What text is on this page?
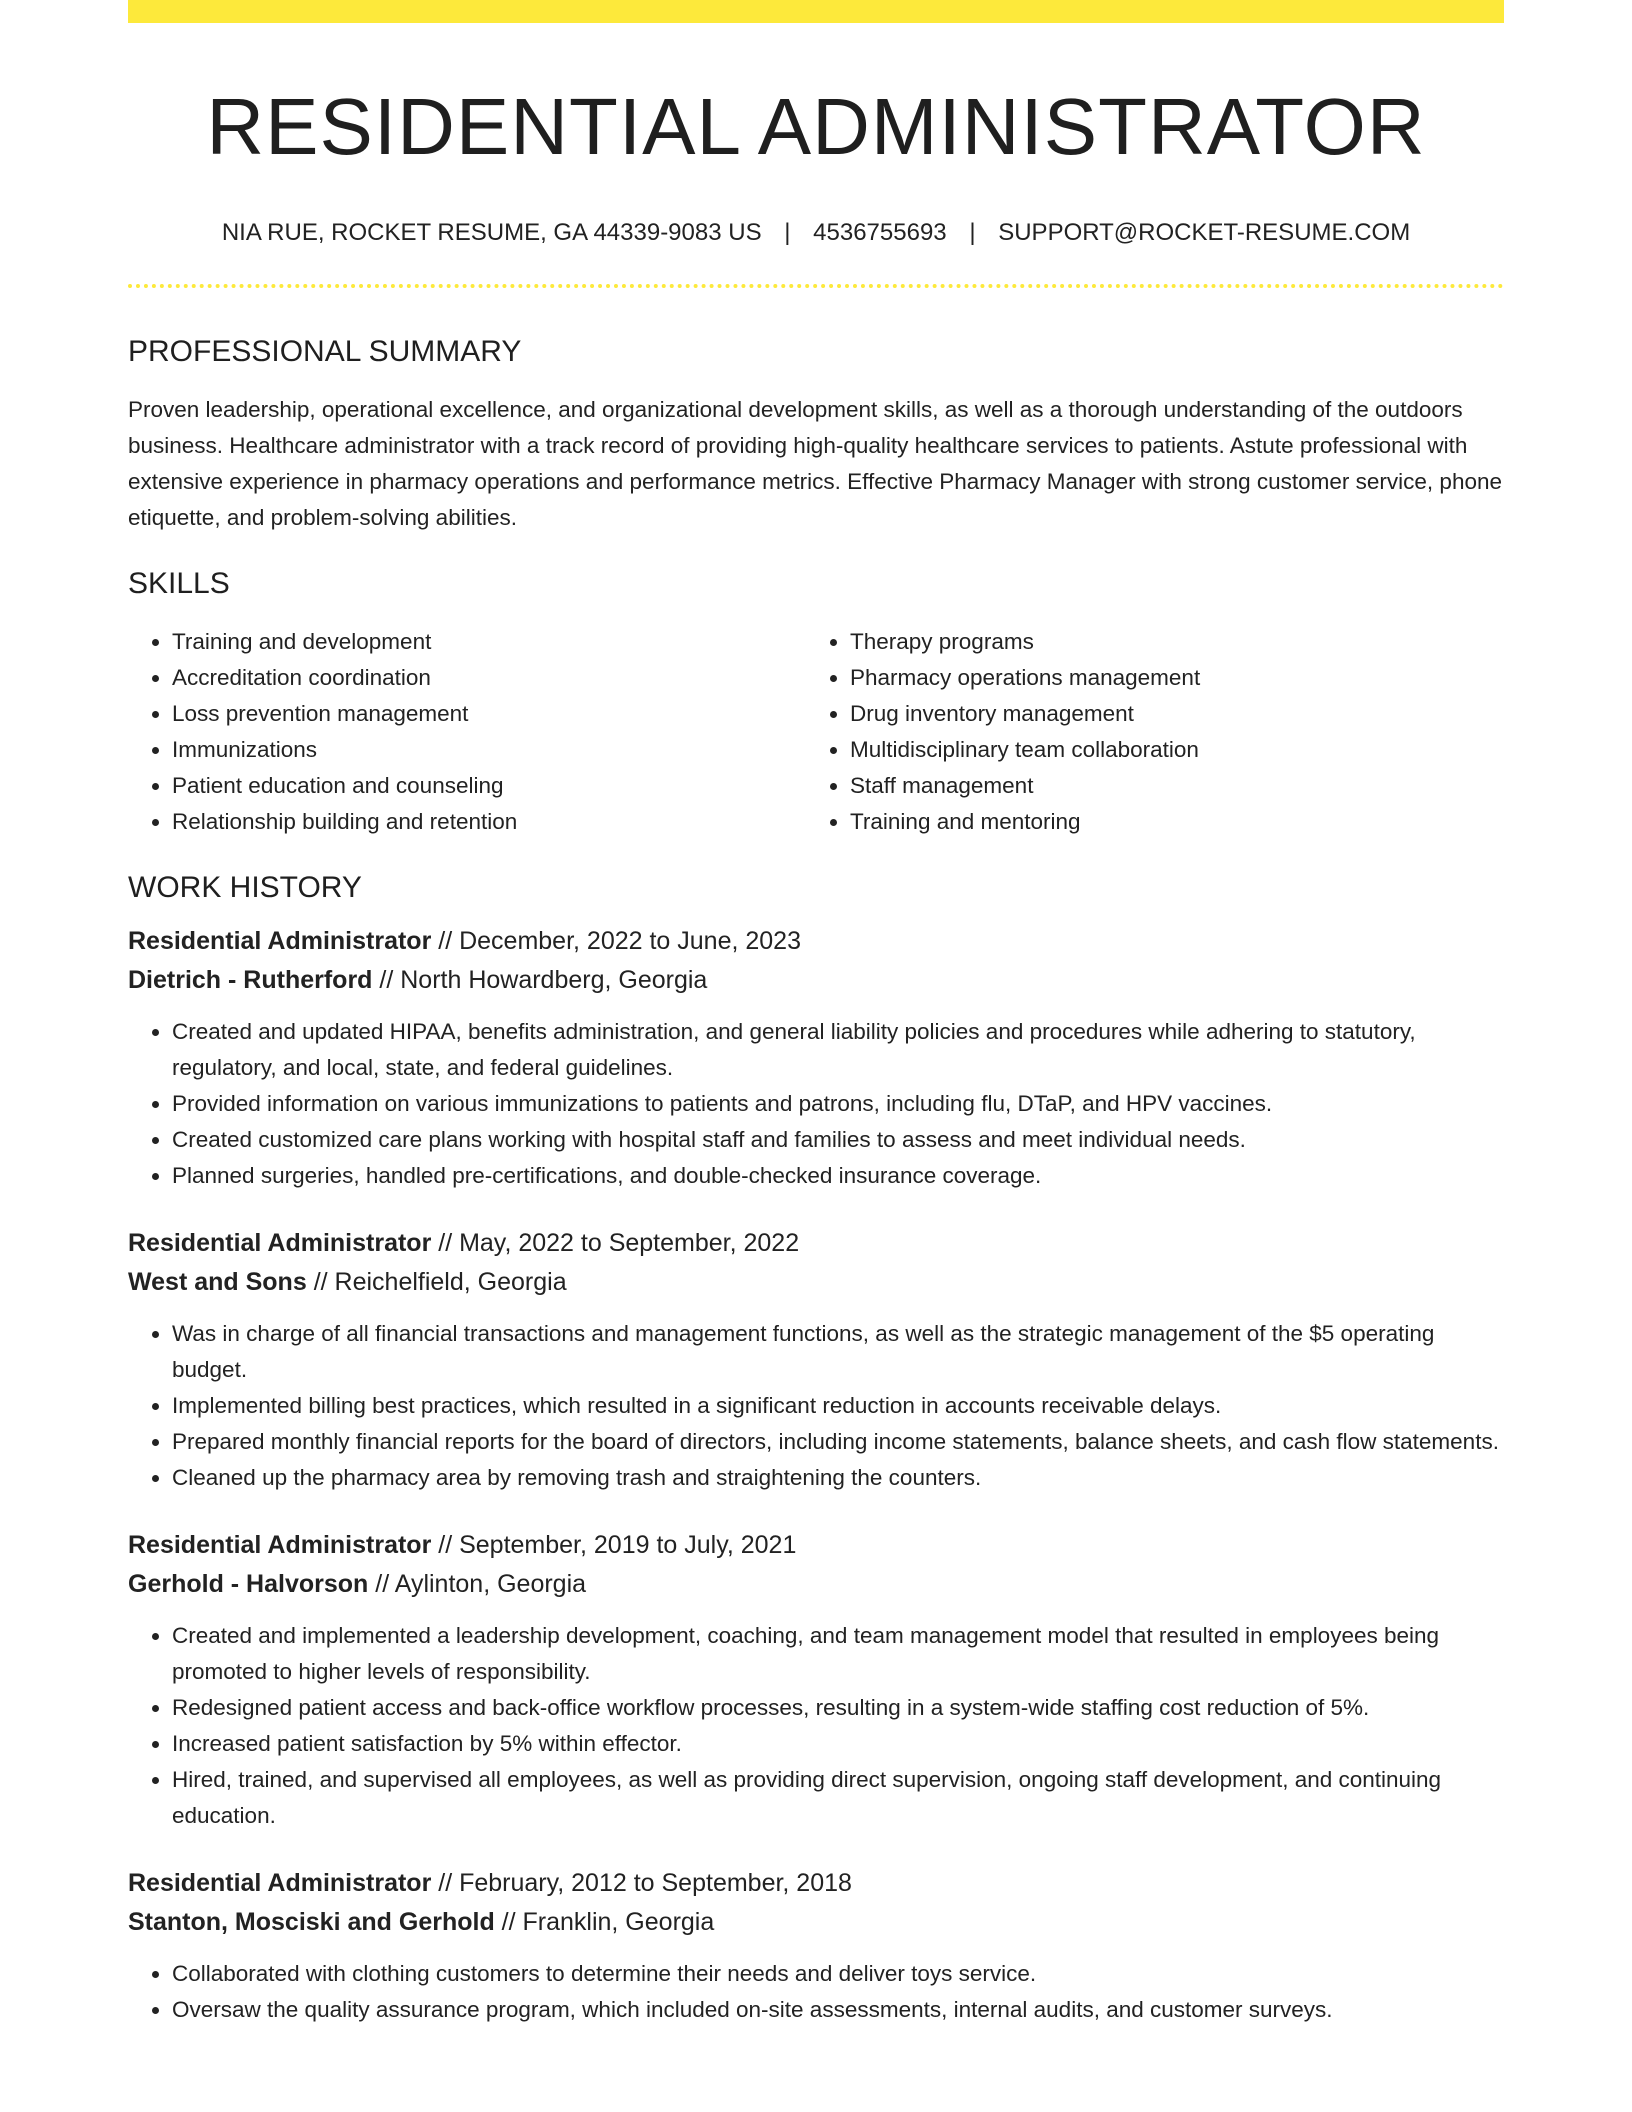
RESIDENTIAL ADMINISTRATOR
NIA RUE, ROCKET RESUME, GA 44339-9083 US | 4536755693 | SUPPORT@ROCKET-RESUME.COM
PROFESSIONAL SUMMARY

Proven leadership, operational excellence, and organizational development skills, as well as a thorough understanding of the outdoors business. Healthcare administrator with a track record of providing high-quality healthcare services to patients. Astute professional with extensive experience in pharmacy operations and performance metrics. Effective Pharmacy Manager with strong customer service, phone etiquette, and problem-solving abilities.

SKILLS
• Training and development
• Accreditation coordination
• Loss prevention management
• Immunizations
• Patient education and counseling
• Relationship building and retention
• Therapy programs
• Pharmacy operations management
• Drug inventory management
• Multidisciplinary team collaboration
• Staff management
• Training and mentoring
WORK HISTORY
Residential Administrator // December, 2022 to June, 2023
Dietrich - Rutherford // North Howardberg, Georgia
• Created and updated HIPAA, benefits administration, and general liability policies and procedures while adhering to statutory, regulatory, and local, state, and federal guidelines.
• Provided information on various immunizations to patients and patrons, including flu, DTaP, and HPV vaccines.
• Created customized care plans working with hospital staff and families to assess and meet individual needs.
• Planned surgeries, handled pre-certifications, and double-checked insurance coverage.
Residential Administrator // May, 2022 to September, 2022
West and Sons // Reichelfield, Georgia
• Was in charge of all financial transactions and management functions, as well as the strategic management of the $5 operating budget.
• Implemented billing best practices, which resulted in a significant reduction in accounts receivable delays.
• Prepared monthly financial reports for the board of directors, including income statements, balance sheets, and cash flow statements.
• Cleaned up the pharmacy area by removing trash and straightening the counters.
Residential Administrator // September, 2019 to July, 2021
Gerhold - Halvorson // Aylinton, Georgia
• Created and implemented a leadership development, coaching, and team management model that resulted in employees being promoted to higher levels of responsibility.
• Redesigned patient access and back-office workflow processes, resulting in a system-wide staffing cost reduction of 5%.
• Increased patient satisfaction by 5% within effector.
• Hired, trained, and supervised all employees, as well as providing direct supervision, ongoing staff development, and continuing education.
Residential Administrator // February, 2012 to September, 2018
Stanton, Mosciski and Gerhold // Franklin, Georgia
• Collaborated with clothing customers to determine their needs and deliver toys service.
• Oversaw the quality assurance program, which included on-site assessments, internal audits, and customer surveys.
